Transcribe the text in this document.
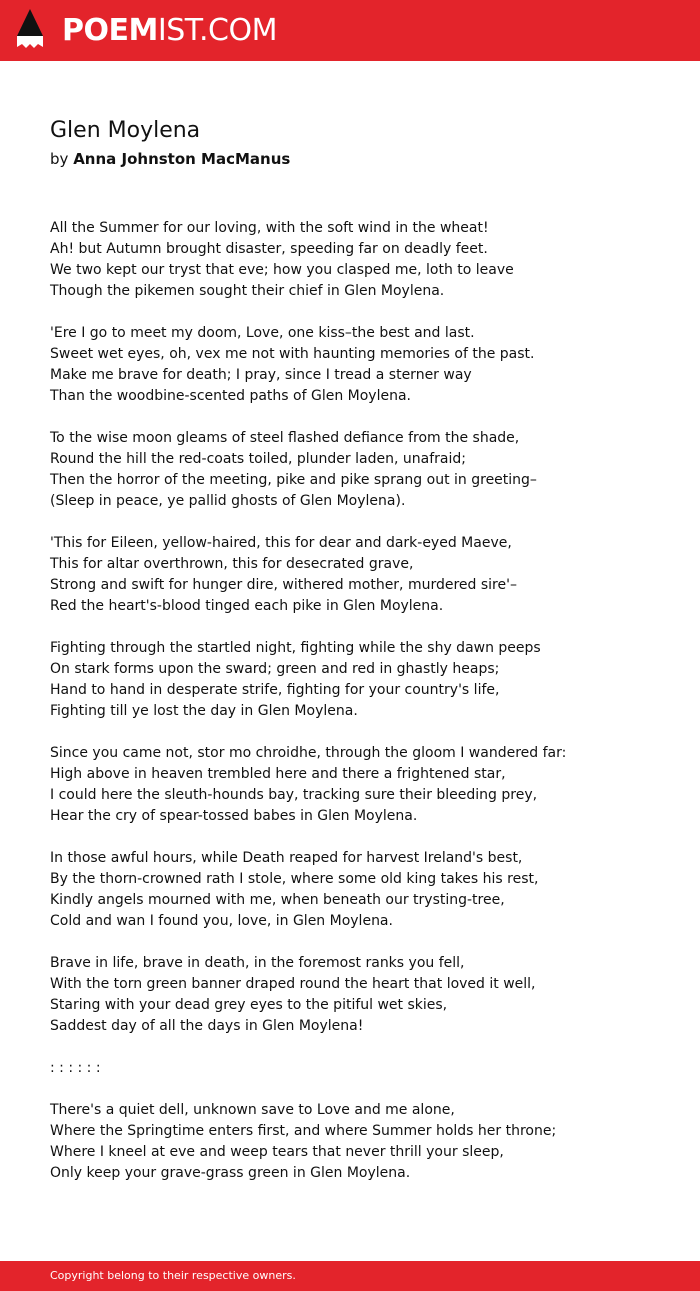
POEMIST.COM
Glen Moylena
by Anna Johnston MacManus
All the Summer for our loving, with the soft wind in the wheat!
Ah! but Autumn brought disaster, speeding far on deadly feet.
We two kept our tryst that eve; how you clasped me, loth to leave
Though the pikemen sought their chief in Glen Moylena.
'Ere I go to meet my doom, Love, one kiss–the best and last.
Sweet wet eyes, oh, vex me not with haunting memories of the past.
Make me brave for death; I pray, since I tread a sterner way
Than the woodbine-scented paths of Glen Moylena.
To the wise moon gleams of steel flashed defiance from the shade,
Round the hill the red-coats toiled, plunder laden, unafraid;
Then the horror of the meeting, pike and pike sprang out in greeting–
(Sleep in peace, ye pallid ghosts of Glen Moylena).
'This for Eileen, yellow-haired, this for dear and dark-eyed Maeve,
This for altar overthrown, this for desecrated grave,
Strong and swift for hunger dire, withered mother, murdered sire'–
Red the heart's-blood tinged each pike in Glen Moylena.
Fighting through the startled night, fighting while the shy dawn peeps
On stark forms upon the sward; green and red in ghastly heaps;
Hand to hand in desperate strife, fighting for your country's life,
Fighting till ye lost the day in Glen Moylena.
Since you came not, stor mo chroidhe, through the gloom I wandered far:
High above in heaven trembled here and there a frightened star,
I could here the sleuth-hounds bay, tracking sure their bleeding prey,
Hear the cry of spear-tossed babes in Glen Moylena.
In those awful hours, while Death reaped for harvest Ireland's best,
By the thorn-crowned rath I stole, where some old king takes his rest,
Kindly angels mourned with me, when beneath our trysting-tree,
Cold and wan I found you, love, in Glen Moylena.
Brave in life, brave in death, in the foremost ranks you fell,
With the torn green banner draped round the heart that loved it well,
Staring with your dead grey eyes to the pitiful wet skies,
Saddest day of all the days in Glen Moylena!
: : : : : :
There's a quiet dell, unknown save to Love and me alone,
Where the Springtime enters first, and where Summer holds her throne;
Where I kneel at eve and weep tears that never thrill your sleep,
Only keep your grave-grass green in Glen Moylena.
Copyright belong to their respective owners.
